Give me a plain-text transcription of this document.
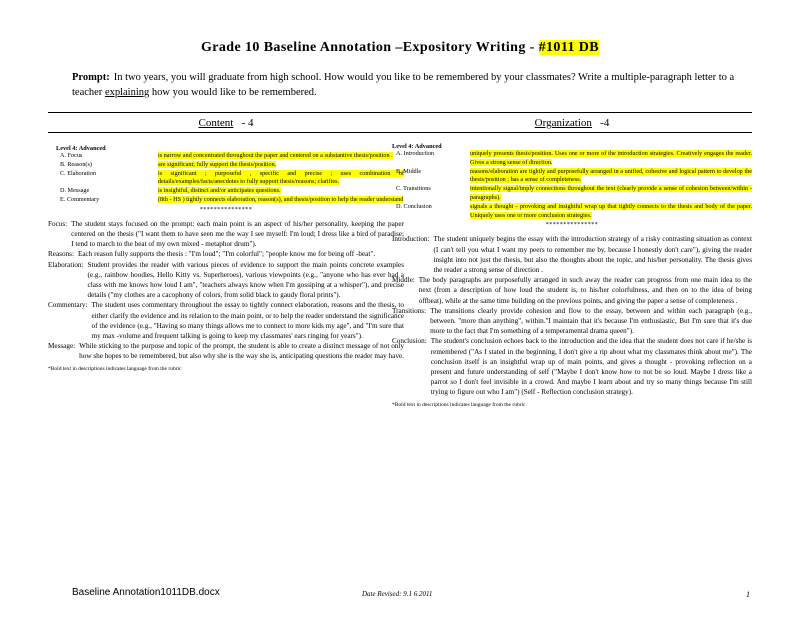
Grade 10 Baseline Annotation –Expository Writing - #1011 DB
Prompt: In two years, you will graduate from high school. How would you like to be remembered by your classmates? Write a multiple-paragraph letter to a teacher explaining how you would like to be remembered.
Content - 4
Level 4: Advanced
A. Focus	is narrow and concentrated throughout the paper and centered on a substantive thesis/position .
B. Reason(s)	are significant; fully support the thesis/position.
C. Elaboration	is significant ; purposeful , specific and precise ; uses combination of details/examples/facts/anecdotes to fully support thesis/reasons; clarifies.
D. Message	is insightful, distinct and/or anticipates questions.
E. Commentary	(8th - HS ) tightly connects elaboration, reason(s), and thesis/position to help the reader understand
***************
Focus: The student stays focused on the prompt: each main point is an aspect of his/her personality, keeping the paper centered on the thesis ("I want them to have seen me the way I see myself: I'm loud; I dress like a bird of paradise; I tend to march to the beat of my own mixed - metaphor drum").
Reasons: Each reason fully supports the thesis : "I'm loud"; "I'm colorful"; "people know me for being off -beat".
Elaboration: Student provides the reader with various pieces of evidence to support the main points concrete examples (e.g., rainbow hoodies, Hello Kitty vs. Superheroes), various viewpoints (e.g., "anyone who has ever had a class with me knows how loud I am", "teachers always know when I'm gossiping at a whisper"), and precise details ("my clothes are a cacophony of colors, from solid black to gaudy floral prints").
Commentary: The student uses commentary throughout the essay to tightly connect elaboration, reasons and the thesis, to either clarify the evidence and its relation to the main point, or to help the reader understand the significance of the evidence (e.g., "Having so many things allows me to connect to more kids my age", and "I'm sure that my max -volume and frequent talking is going to keep my classmates' ears ringing for years").
Message: While sticking to the purpose and topic of the prompt, the student is able to create a distinct message of not only how she hopes to be remembered, but also why she is the way she is, anticipating questions the reader may have.
*Bold text in descriptions indicates language from the rubric
Organization -4
Level 4: Advanced
A. Introduction	uniquely presents thesis/position. Uses one or more of the introduction strategies. Creatively engages the reader. Gives a strong sense of direction.
B. Middle	reasons/elaboration are tightly and purposefully arranged in a unified, cohesive and logical pattern to develop the thesis/position ; has a sense of completeness.
C. Transitions	intentionally signal/imply connections throughout the text (clearly provide a sense of cohesion between/within - paragraphs).
D. Conclusion	signals a thought - provoking and insightful wrap up that tightly connects to the thesis and body of the paper. Uniquely uses one or more conclusion strategies.
***************
Introduction: The student uniquely begins the essay with the introduction strategy of a risky contrasting situation as context (I can't tell you what I want my peers to remember me by, because I honestly don't care"), giving the reader insight into not just the thesis, but also the thoughts about the topic, and his/her personality. The thesis gives the reader a strong sense of direction .
Middle: The body paragraphs are purposefully arranged in such away the reader can progress from one main idea to the next (from a description of how loud the student is, to his/her colorfulness, and then on to the idea of being offbeat), while at the same time building on the previous points, and giving the paper a sense of completeness .
Transitions: The transitions clearly provide cohesion and flow to the essay, between and within each paragraph (e.g., between. "more than anything", within."I maintain that it's because I'm enthusiastic, But I'm sure that it's due more to the fact that I'm something of a temperamental drama queen").
Conclusion: The student's conclusion echoes back to the introduction and the idea that the student does not care if he/she is remembered ("As I stated in the beginning, I don't give a rip about what my classmates think about me"). The conclusion itself is an insightful wrap up of main points, and gives a thought - provoking reflection on a present and future understanding of self ("Maybe I don't know how to not be so loud. Maybe I dress like a parrot so I don't feel invisible in a crowd. And maybe I learn about and try so many things because I'm still trying to figure out who I am") (Self - Reflection conclusion strategy).
*Bold text in descriptions indicates language from the rubric
Baseline Annotation1011DB.docx	Date Revised: 9.1 6.2011	1
